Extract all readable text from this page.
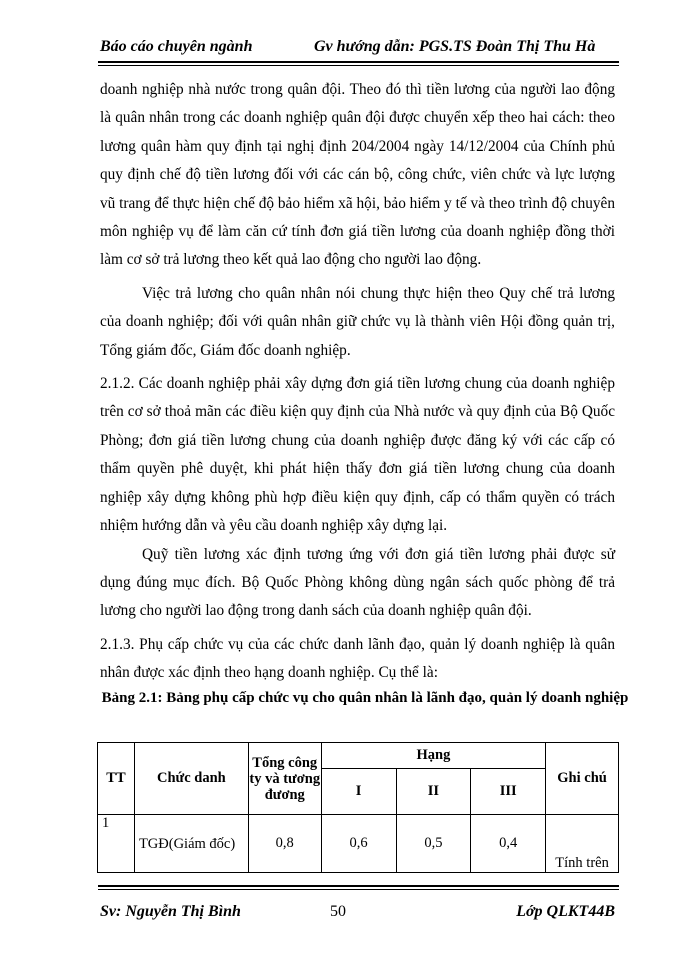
Báo cáo chuyên ngành	Gv hướng dẫn: PGS.TS Đoàn Thị Thu Hà

doanh nghiệp nhà nước trong quân đội. Theo đó thì tiền lương của người lao động là quân nhân trong các doanh nghiệp quân đội được chuyển xếp theo hai cách: theo lương quân hàm quy định tại nghị định 204/2004 ngày 14/12/2004 của Chính phủ quy định chế độ tiền lương đối với các cán bộ, công chức, viên chức và lực lượng vũ trang để thực hiện chế độ bảo hiểm xã hội, bảo hiểm y tế và theo trình độ chuyên môn nghiệp vụ để làm căn cứ tính đơn giá tiền lương của doanh nghiệp đồng thời làm cơ sở trả lương theo kết quả lao động cho người lao động.

Việc trả lương cho quân nhân nói chung thực hiện theo Quy chế trả lương của doanh nghiệp; đối với quân nhân giữ chức vụ là thành viên Hội đồng quản trị, Tổng giám đốc, Giám đốc doanh nghiệp.

2.1.2. Các doanh nghiệp phải xây dựng đơn giá tiền lương chung của doanh nghiệp trên cơ sở thoả mãn các điều kiện quy định của Nhà nước và quy định của Bộ Quốc Phòng; đơn giá tiền lương chung của doanh nghiệp được đăng ký với các cấp có thẩm quyền phê duyệt, khi phát hiện thấy đơn giá tiền lương chung của doanh nghiệp xây dựng không phù hợp điều kiện quy định, cấp có thẩm quyền có trách nhiệm hướng dẫn và yêu cầu doanh nghiệp xây dựng lại.

Quỹ tiền lương xác định tương ứng với đơn giá tiền lương phải được sử dụng đúng mục đích. Bộ Quốc Phòng không dùng ngân sách quốc phòng để trả lương cho người lao động trong danh sách của doanh nghiệp quân đội.

2.1.3. Phụ cấp chức vụ của các chức danh lãnh đạo, quản lý doanh nghiệp là quân nhân được xác định theo hạng doanh nghiệp. Cụ thể là:

Bảng 2.1: Bảng phụ cấp chức vụ cho quân nhân là lãnh đạo, quản lý doanh nghiệp
TT	Chức danh	Tổng công ty và tương đương	Hạng			Ghi chú
			I	II	III	
1	TGĐ(Giám đốc)	0,8	0,6	0,5	0,4	Tính trên
Sv: Nguyễn Thị Bình	50	Lớp QLKT44B
